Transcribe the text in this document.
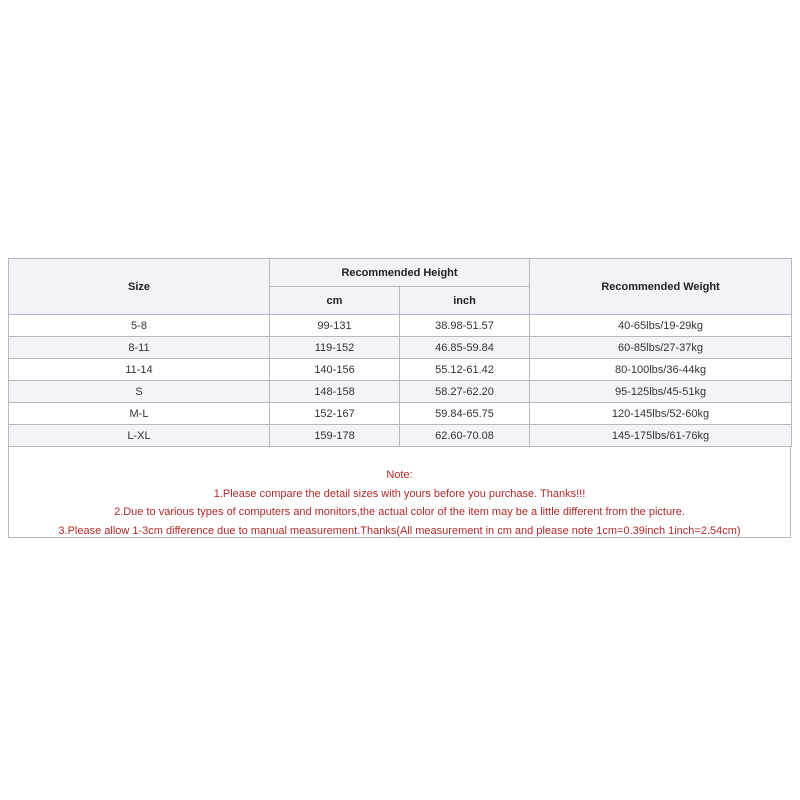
Size	Recommended Height		Recommended Weight
	cm	inch	
5-8	99-131	38.98-51.57	40-65lbs/19-29kg
8-11	119-152	46.85-59.84	60-85lbs/27-37kg
11-14	140-156	55.12-61.42	80-100lbs/36-44kg
S	148-158	58.27-62.20	95-125lbs/45-51kg
M-L	152-167	59.84-65.75	120-145lbs/52-60kg
L-XL	159-178	62.60-70.08	145-175lbs/61-76kg
Note:
1.Please compare the detail sizes with yours before you purchase. Thanks!!!
2.Due to various types of computers and monitors,the actual color of the item may be a little different from the picture.
3.Please allow 1-3cm difference due to manual measurement.Thanks(All measurement in cm and please note 1cm=0.39inch 1inch=2.54cm)
